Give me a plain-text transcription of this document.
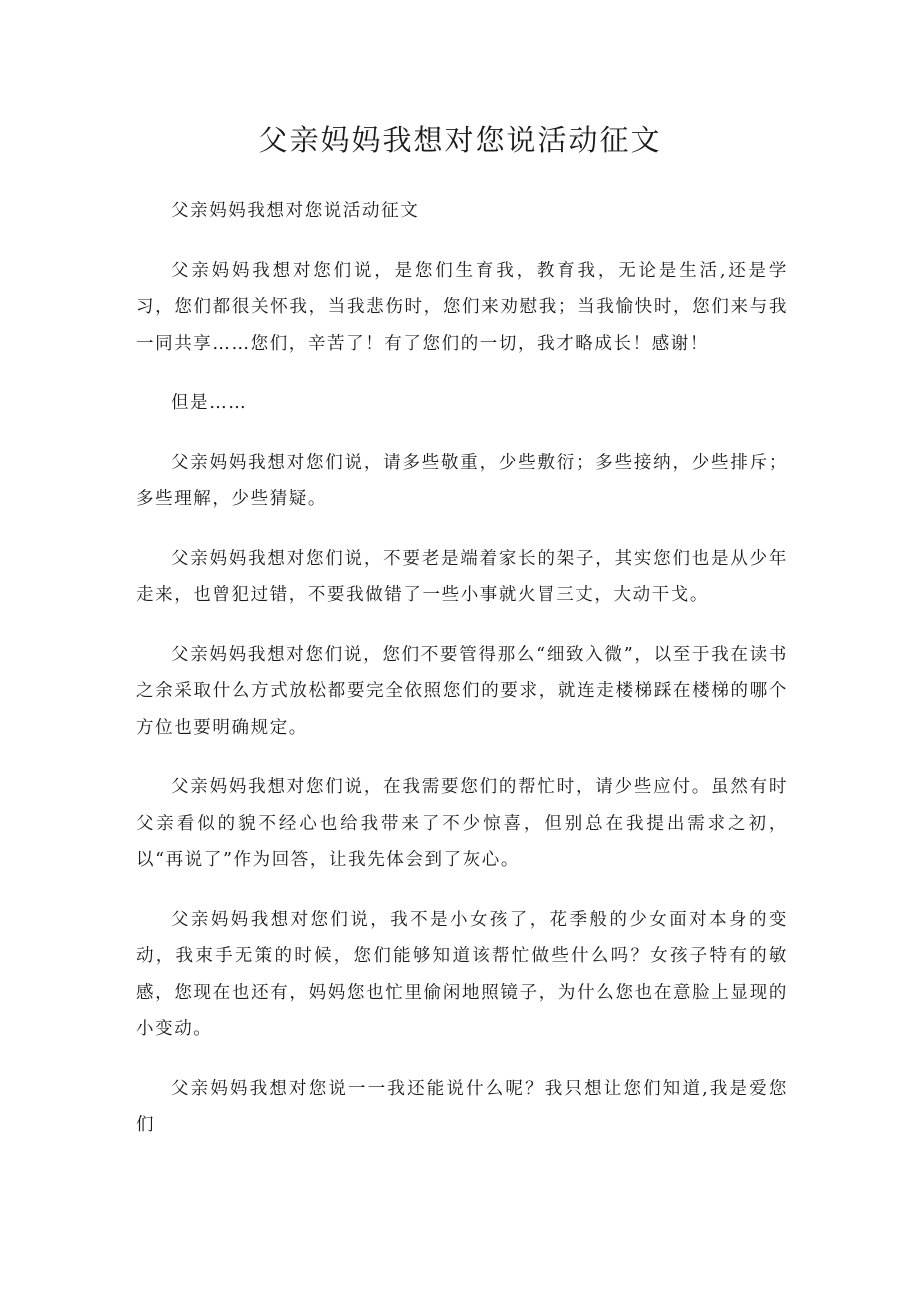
父亲妈妈我想对您说活动征文

父亲妈妈我想对您说活动征文

父亲妈妈我想对您们说，是您们生育我，教育我，无论是生活,还是学习，您们都很关怀我，当我悲伤时，您们来劝慰我；当我愉快时，您们来与我一同共享……您们，辛苦了！有了您们的一切，我才略成长！感谢！

但是……

父亲妈妈我想对您们说，请多些敬重，少些敷衍；多些接纳，少些排斥；多些理解，少些猜疑。

父亲妈妈我想对您们说，不要老是端着家长的架子，其实您们也是从少年走来，也曾犯过错，不要我做错了一些小事就火冒三丈，大动干戈。

父亲妈妈我想对您们说，您们不要管得那么“细致入微”，以至于我在读书之余采取什么方式放松都要完全依照您们的要求，就连走楼梯踩在楼梯的哪个方位也要明确规定。

父亲妈妈我想对您们说，在我需要您们的帮忙时，请少些应付。虽然有时父亲看似的貌不经心也给我带来了不少惊喜，但别总在我提出需求之初，以“再说了”作为回答，让我先体会到了灰心。

父亲妈妈我想对您们说，我不是小女孩了，花季般的少女面对本身的变动，我束手无策的时候，您们能够知道该帮忙做些什么吗？女孩子特有的敏感，您现在也还有，妈妈您也忙里偷闲地照镜子，为什么您也在意脸上显现的小变动。

父亲妈妈我想对您说一一我还能说什么呢？我只想让您们知道,我是爱您们
